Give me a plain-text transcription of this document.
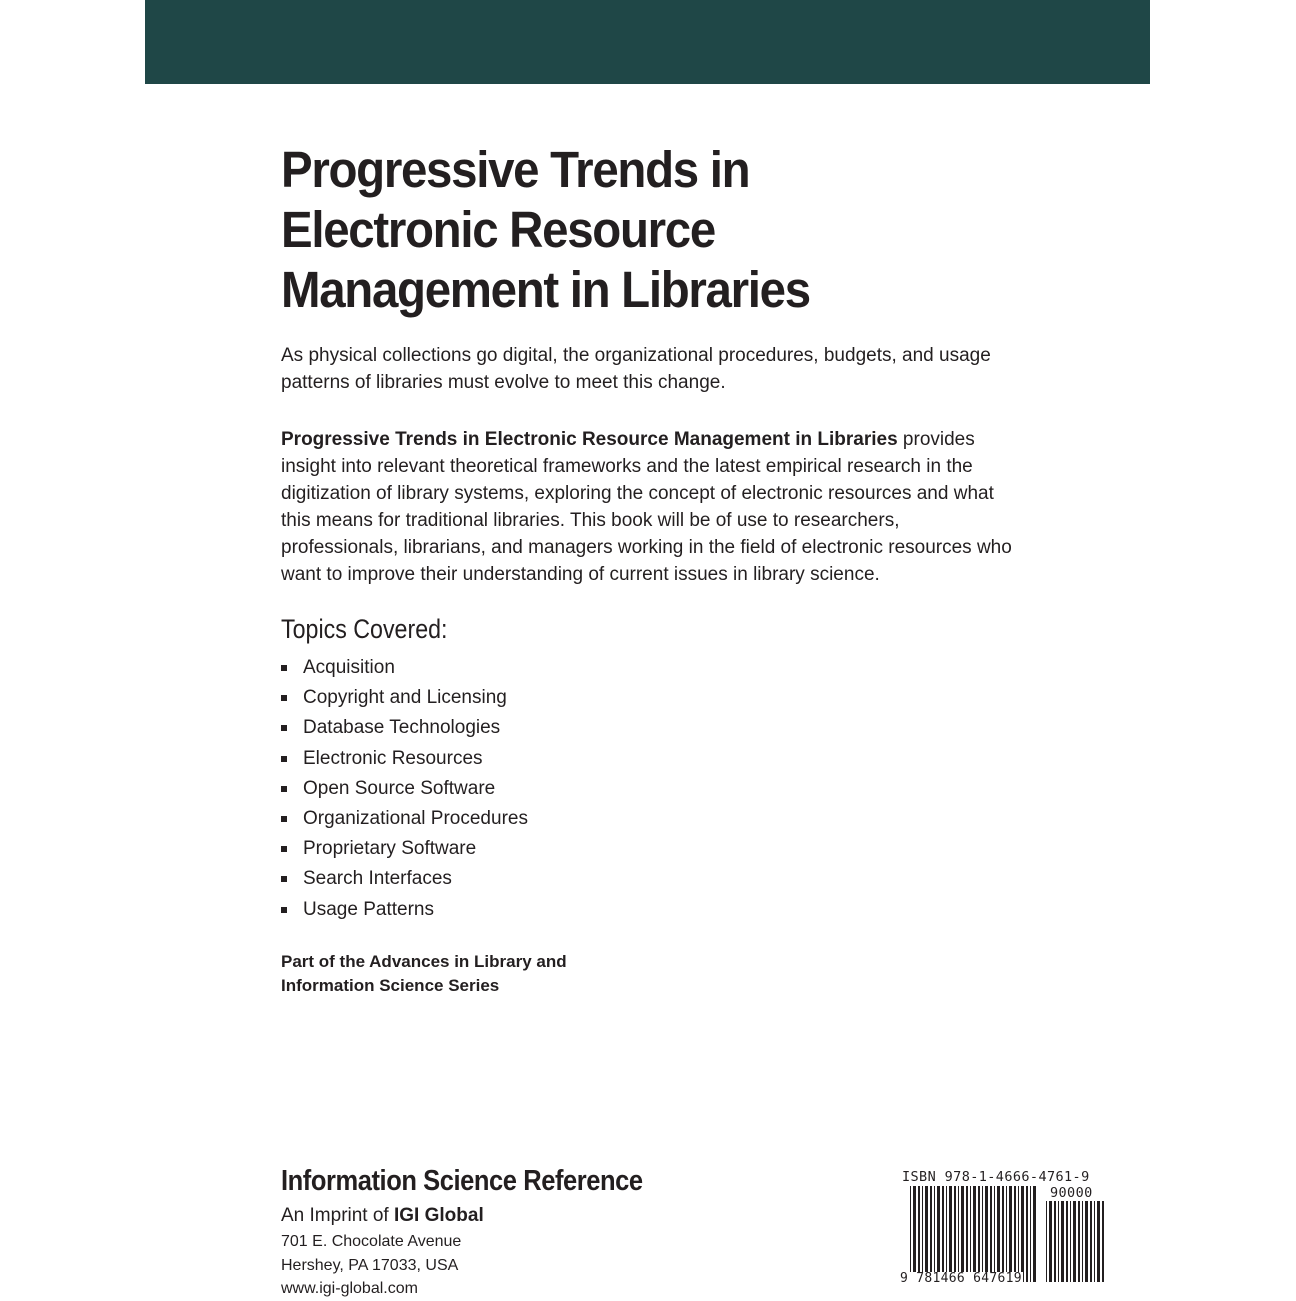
Progressive Trends in
Electronic Resource
Management in Libraries

As physical collections go digital, the organizational procedures, budgets, and usage patterns of libraries must evolve to meet this change.

Progressive Trends in Electronic Resource Management in Libraries provides insight into relevant theoretical frameworks and the latest empirical research in the digitization of library systems, exploring the concept of electronic resources and what this means for traditional libraries. This book will be of use to researchers, professionals, librarians, and managers working in the field of electronic resources who want to improve their understanding of current issues in library science.

Topics Covered:
Acquisition
Copyright and Licensing
Database Technologies
Electronic Resources
Open Source Software
Organizational Procedures
Proprietary Software
Search Interfaces
Usage Patterns

Part of the Advances in Library and
Information Science Series

Information Science Reference
An Imprint of IGI Global
701 E. Chocolate Avenue
Hershey, PA 17033, USA
www.igi-global.com
ISBN 978-1-4666-4761-9
90000
9 781466 647619
